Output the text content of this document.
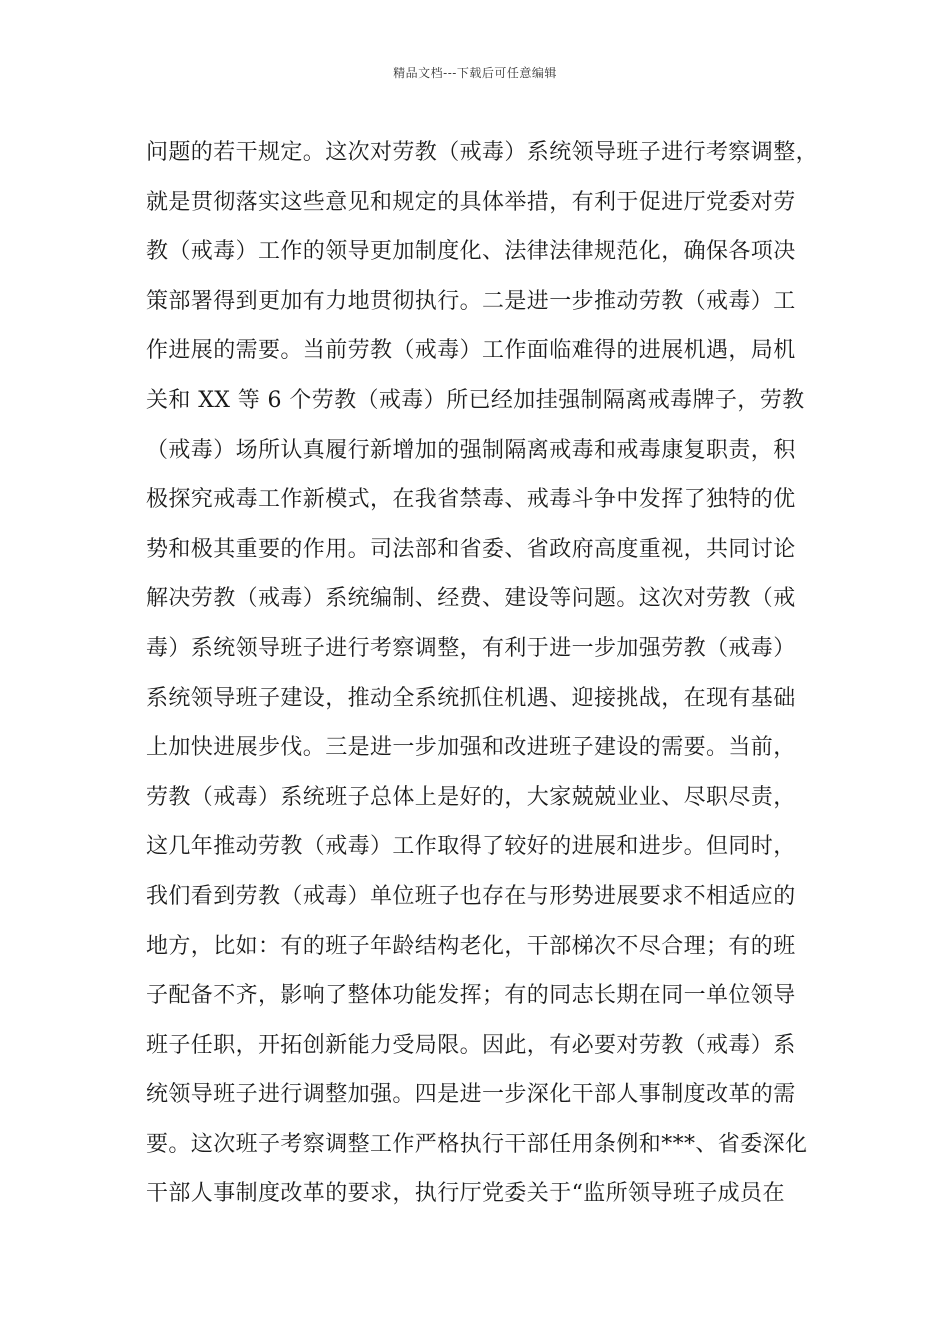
精品文档---下载后可任意编辑
问题的若干规定。这次对劳教（戒毒）系统领导班子进行考察调整，
就是贯彻落实这些意见和规定的具体举措，有利于促进厅党委对劳
教（戒毒）工作的领导更加制度化、法律法律规范化，确保各项决
策部署得到更加有力地贯彻执行。二是进一步推动劳教（戒毒）工
作进展的需要。当前劳教（戒毒）工作面临难得的进展机遇，局机
关和 XX 等 6 个劳教（戒毒）所已经加挂强制隔离戒毒牌子，劳教
（戒毒）场所认真履行新增加的强制隔离戒毒和戒毒康复职责，积
极探究戒毒工作新模式，在我省禁毒、戒毒斗争中发挥了独特的优
势和极其重要的作用。司法部和省委、省政府高度重视，共同讨论
解决劳教（戒毒）系统编制、经费、建设等问题。这次对劳教（戒
毒）系统领导班子进行考察调整，有利于进一步加强劳教（戒毒）
系统领导班子建设，推动全系统抓住机遇、迎接挑战，在现有基础
上加快进展步伐。三是进一步加强和改进班子建设的需要。当前，
劳教（戒毒）系统班子总体上是好的，大家兢兢业业、尽职尽责，
这几年推动劳教（戒毒）工作取得了较好的进展和进步。但同时，
我们看到劳教（戒毒）单位班子也存在与形势进展要求不相适应的
地方，比如：有的班子年龄结构老化，干部梯次不尽合理；有的班
子配备不齐，影响了整体功能发挥；有的同志长期在同一单位领导
班子任职，开拓创新能力受局限。因此，有必要对劳教（戒毒）系
统领导班子进行调整加强。四是进一步深化干部人事制度改革的需
要。这次班子考察调整工作严格执行干部任用条例和***、省委深化
干部人事制度改革的要求，执行厅党委关于“监所领导班子成员在
